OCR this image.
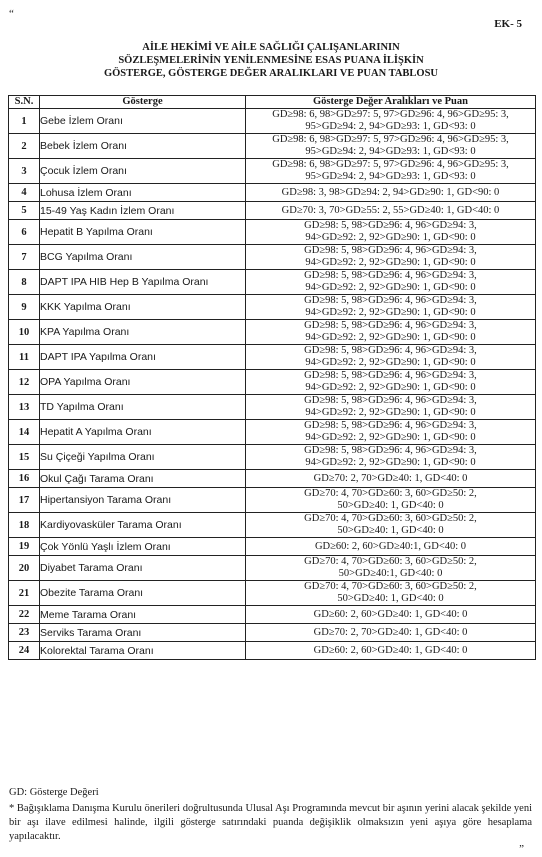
“
EK- 5
AİLE HEKİMİ VE AİLE SAĞLIĞI ÇALIŞANLARININ
SÖZLEŞMELERİNİN YENİLENMESİNE ESAS PUANA İLİŞKİN
GÖSTERGE, GÖSTERGE DEĞER ARALIKLARI VE PUAN TABLOSU
S.N.	Gösterge	Gösterge Değer Aralıkları ve Puan
1	Gebe İzlem Oranı	GD≥98: 6, 98>GD≥97: 5, 97>GD≥96: 4, 96>GD≥95: 3,
95>GD≥94: 2, 94>GD≥93: 1, GD<93: 0

2	Bebek İzlem Oranı	GD≥98: 6, 98>GD≥97: 5, 97>GD≥96: 4, 96>GD≥95: 3,
95>GD≥94: 2, 94>GD≥93: 1, GD<93: 0

3	Çocuk İzlem Oranı	GD≥98: 6, 98>GD≥97: 5, 97>GD≥96: 4, 96>GD≥95: 3,
95>GD≥94: 2, 94>GD≥93: 1, GD<93: 0

4	Lohusa İzlem Oranı	GD≥98: 3, 98>GD≥94: 2, 94>GD≥90: 1, GD<90: 0

5	15-49 Yaş Kadın İzlem Oranı	GD≥70: 3, 70>GD≥55: 2, 55>GD≥40: 1, GD<40: 0

6	Hepatit B Yapılma Oranı	GD≥98: 5, 98>GD≥96: 4, 96>GD≥94: 3,
94>GD≥92: 2, 92>GD≥90: 1, GD<90: 0

7	BCG Yapılma Oranı	GD≥98: 5, 98>GD≥96: 4, 96>GD≥94: 3,
94>GD≥92: 2, 92>GD≥90: 1, GD<90: 0

8	DAPT IPA HIB Hep B Yapılma Oranı	GD≥98: 5, 98>GD≥96: 4, 96>GD≥94: 3,
94>GD≥92: 2, 92>GD≥90: 1, GD<90: 0

9	KKK Yapılma Oranı	GD≥98: 5, 98>GD≥96: 4, 96>GD≥94: 3,
94>GD≥92: 2, 92>GD≥90: 1, GD<90: 0

10	KPA Yapılma Oranı	GD≥98: 5, 98>GD≥96: 4, 96>GD≥94: 3,
94>GD≥92: 2, 92>GD≥90: 1, GD<90: 0

11	DAPT IPA Yapılma Oranı	GD≥98: 5, 98>GD≥96: 4, 96>GD≥94: 3,
94>GD≥92: 2, 92>GD≥90: 1, GD<90: 0

12	OPA Yapılma Oranı	GD≥98: 5, 98>GD≥96: 4, 96>GD≥94: 3,
94>GD≥92: 2, 92>GD≥90: 1, GD<90: 0

13	TD Yapılma Oranı	GD≥98: 5, 98>GD≥96: 4, 96>GD≥94: 3,
94>GD≥92: 2, 92>GD≥90: 1, GD<90: 0

14	Hepatit A Yapılma Oranı	GD≥98: 5, 98>GD≥96: 4, 96>GD≥94: 3,
94>GD≥92: 2, 92>GD≥90: 1, GD<90: 0

15	Su Çiçeği Yapılma Oranı	GD≥98: 5, 98>GD≥96: 4, 96>GD≥94: 3,
94>GD≥92: 2, 92>GD≥90: 1, GD<90: 0

16	Okul Çağı Tarama Oranı	GD≥70: 2, 70>GD≥40: 1, GD<40: 0

17	Hipertansiyon Tarama Oranı	GD≥70: 4, 70>GD≥60: 3, 60>GD≥50: 2,
50>GD≥40: 1, GD<40: 0

18	Kardiyovasküler Tarama Oranı	GD≥70: 4, 70>GD≥60: 3, 60>GD≥50: 2,
50>GD≥40: 1, GD<40: 0

19	Çok Yönlü Yaşlı İzlem Oranı	GD≥60: 2, 60>GD≥40:1, GD<40: 0

20	Diyabet Tarama Oranı	GD≥70: 4, 70>GD≥60: 3, 60>GD≥50: 2,
50>GD≥40:1, GD<40: 0

21	Obezite Tarama Oranı	GD≥70: 4, 70>GD≥60: 3, 60>GD≥50: 2,
50>GD≥40: 1, GD<40: 0

22	Meme Tarama Oranı	GD≥60: 2, 60>GD≥40: 1, GD<40: 0

23	Serviks Tarama Oranı	GD≥70: 2, 70>GD≥40: 1, GD<40: 0

24	Kolorektal Tarama Oranı	GD≥60: 2, 60>GD≥40: 1, GD<40: 0
GD: Gösterge Değeri
* Bağışıklama Danışma Kurulu önerileri doğrultusunda Ulusal Aşı Programında mevcut bir aşının yerini alacak şekilde yeni bir aşı ilave edilmesi halinde, ilgili gösterge satırındaki puanda değişiklik olmaksızın yeni aşıya göre hesaplama yapılacaktır.
”
